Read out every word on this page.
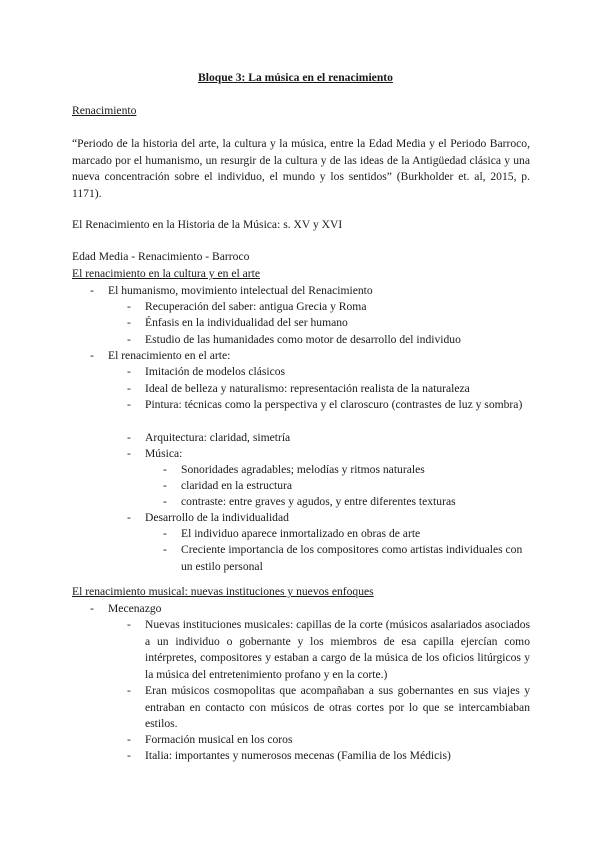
Bloque 3: La música en el renacimiento
Renacimiento
“Periodo de la historia del arte, la cultura y la música, entre la Edad Media y el Periodo Barroco, marcado por el humanismo, un resurgir de la cultura y de las ideas de la Antigüedad clásica y una nueva concentración sobre el individuo, el mundo y los sentidos” (Burkholder et. al, 2015, p. 1171).
El Renacimiento en la Historia de la Música: s. XV y XVI
Edad Media - Renacimiento - Barroco
El renacimiento en la cultura y en el arte
- El humanismo, movimiento intelectual del Renacimiento
- Recuperación del saber: antigua Grecia y Roma
- Énfasis en la individualidad del ser humano
- Estudio de las humanidades como motor de desarrollo del individuo
- El renacimiento en el arte:
- Imitación de modelos clásicos
- Ideal de belleza y naturalismo: representación realista de la naturaleza
- Pintura: técnicas como la perspectiva y el claroscuro (contrastes de luz y sombra)
- Arquitectura: claridad, simetría
- Música:
- Sonoridades agradables; melodías y ritmos naturales
- claridad en la estructura
- contraste: entre graves y agudos, y entre diferentes texturas
- Desarrollo de la individualidad
- El individuo aparece inmortalizado en obras de arte
- Creciente importancia de los compositores como artistas individuales con un estilo personal
El renacimiento musical: nuevas instituciones y nuevos enfoques
- Mecenazgo
- Nuevas instituciones musicales: capillas de la corte (músicos asalariados asociados a un individuo o gobernante y los miembros de esa capilla ejercían como intérpretes, compositores y estaban a cargo de la música de los oficios litúrgicos y la música del entretenimiento profano y en la corte.)
- Eran músicos cosmopolitas que acompañaban a sus gobernantes en sus viajes y entraban en contacto con músicos de otras cortes por lo que se intercambiaban estilos.
- Formación musical en los coros
- Italia: importantes y numerosos mecenas (Familia de los Médicis)
